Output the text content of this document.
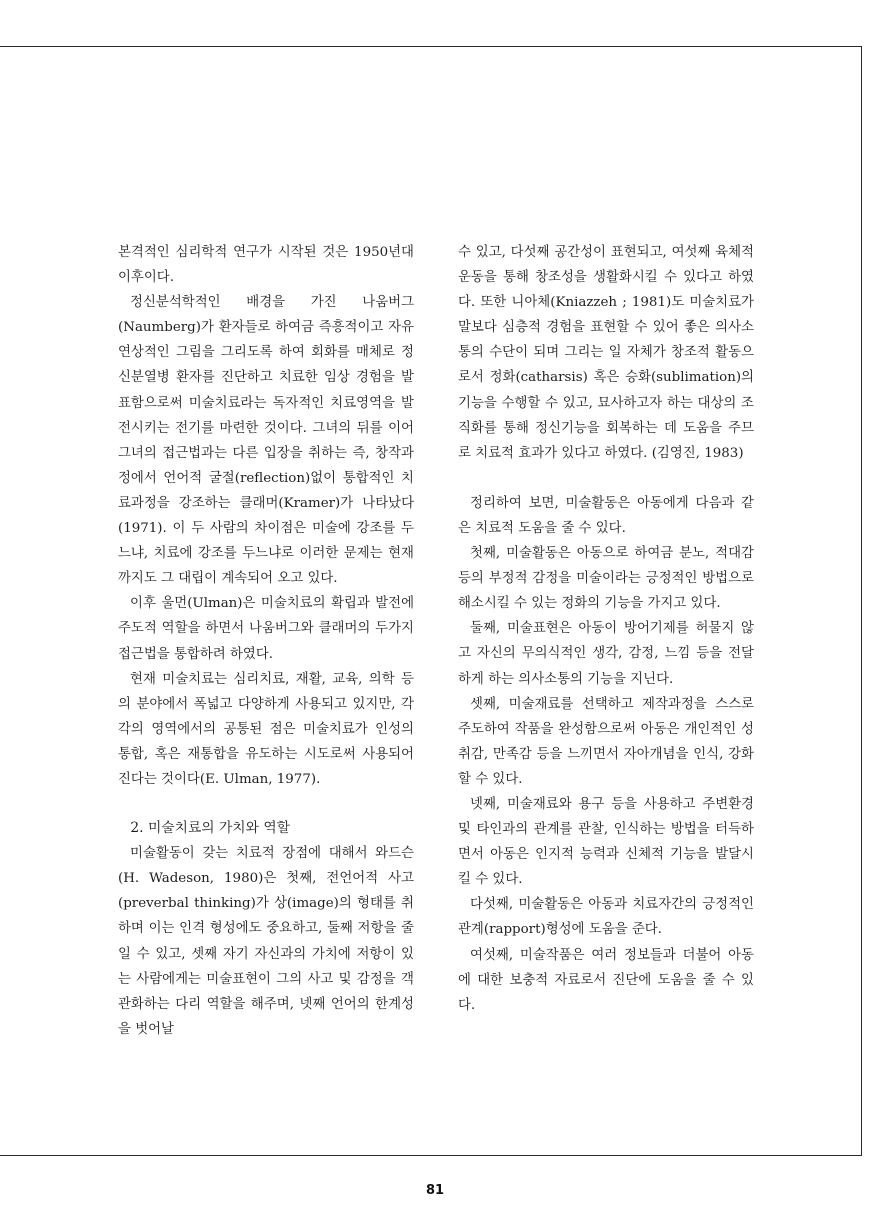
본격적인 심리학적 연구가 시작된 것은 1950년대 이후이다.

정신분석학적인 배경을 가진 나움버그(Naumberg)가 환자들로 하여금 즉흥적이고 자유연상적인 그림을 그리도록 하여 회화를 매체로 정신분열병 환자를 진단하고 치료한 임상 경험을 발표함으로써 미술치료라는 독자적인 치료영역을 발전시키는 전기를 마련한 것이다. 그녀의 뒤를 이어 그녀의 접근법과는 다른 입장을 취하는 즉, 창작과정에서 언어적 굴절(reflection)없이 통합적인 치료과정을 강조하는 클래머(Kramer)가 나타났다(1971). 이 두 사람의 차이점은 미술에 강조를 두느냐, 치료에 강조를 두느냐로 이러한 문제는 현재까지도 그 대립이 계속되어 오고 있다.

이후 울먼(Ulman)은 미술치료의 확립과 발전에 주도적 역할을 하면서 나움버그와 클래머의 두가지 접근법을 통합하려 하였다.

현재 미술치료는 심리치료, 재활, 교육, 의학 등의 분야에서 폭넓고 다양하게 사용되고 있지만, 각각의 영역에서의 공통된 점은 미술치료가 인성의 통합, 혹은 재통합을 유도하는 시도로써 사용되어진다는 것이다(E. Ulman, 1977).

2. 미술치료의 가치와 역할

미술활동이 갖는 치료적 장점에 대해서 와드슨(H. Wadeson, 1980)은 첫째, 전언어적 사고(preverbal thinking)가 상(image)의 형태를 취하며 이는 인격 형성에도 중요하고, 둘째 저항을 줄일 수 있고, 셋째 자기 자신과의 가치에 저항이 있는 사람에게는 미술표현이 그의 사고 및 감정을 객관화하는 다리 역할을 해주며, 넷째 언어의 한계성을 벗어날

수 있고, 다섯째 공간성이 표현되고, 여섯째 육체적 운동을 통해 창조성을 생활화시킬 수 있다고 하였다. 또한 니아체(Kniazzeh ; 1981)도 미술치료가 말보다 심층적 경험을 표현할 수 있어 좋은 의사소통의 수단이 되며 그리는 일 자체가 창조적 활동으로서 정화(catharsis) 혹은 승화(sublimation)의 기능을 수행할 수 있고, 묘사하고자 하는 대상의 조직화를 통해 정신기능을 회복하는 데 도움을 주므로 치료적 효과가 있다고 하였다. (김영진, 1983)

정리하여 보면, 미술활동은 아동에게 다음과 같은 치료적 도움을 줄 수 있다.

첫째, 미술활동은 아동으로 하여금 분노, 적대감 등의 부정적 감정을 미술이라는 긍정적인 방법으로 해소시킬 수 있는 정화의 기능을 가지고 있다.

둘째, 미술표현은 아동이 방어기제를 허물지 않고 자신의 무의식적인 생각, 감정, 느낌 등을 전달하게 하는 의사소통의 기능을 지닌다.

셋째, 미술재료를 선택하고 제작과정을 스스로 주도하여 작품을 완성함으로써 아동은 개인적인 성취감, 만족감 등을 느끼면서 자아개념을 인식, 강화할 수 있다.

넷째, 미술재료와 용구 등을 사용하고 주변환경 및 타인과의 관계를 관찰, 인식하는 방법을 터득하면서 아동은 인지적 능력과 신체적 기능을 발달시킬 수 있다.

다섯째, 미술활동은 아동과 치료자간의 긍정적인 관계(rapport)형성에 도움을 준다.

여섯째, 미술작품은 여러 정보들과 더불어 아동에 대한 보충적 자료로서 진단에 도움을 줄 수 있다.

81
